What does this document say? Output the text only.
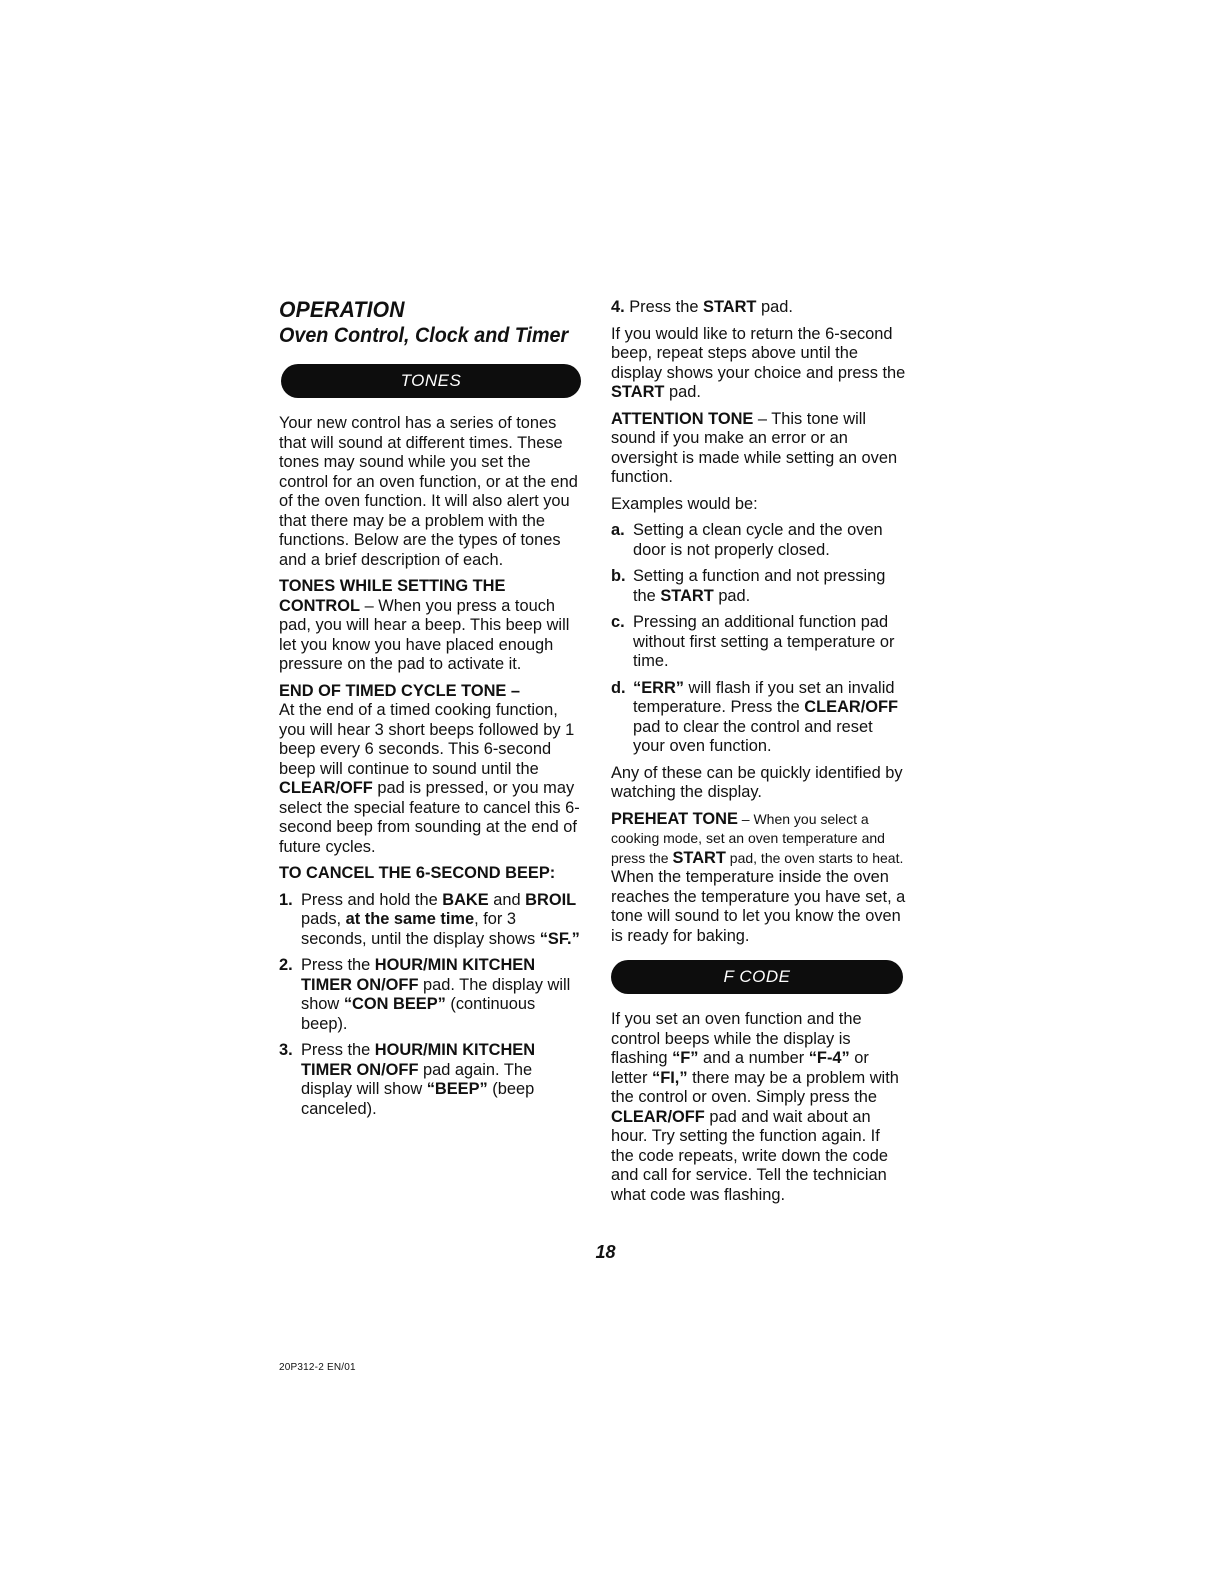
OPERATION
Oven Control, Clock and Timer
TONES

Your new control has a series of tones that will sound at different times. These tones may sound while you set the control for an oven function, or at the end of the oven function. It will also alert you that there may be a problem with the functions. Below are the types of tones and a brief description of each.

TONES WHILE SETTING THE CONTROL – When you press a touch pad, you will hear a beep. This beep will let you know you have placed enough pressure on the pad to activate it.

END OF TIMED CYCLE TONE –
At the end of a timed cooking function, you will hear 3 short beeps followed by 1 beep every 6 seconds. This 6-second beep will continue to sound until the CLEAR/OFF pad is pressed, or you may select the special feature to cancel this 6-second beep from sounding at the end of future cycles.

TO CANCEL THE 6-SECOND BEEP:

1. Press and hold the BAKE and BROIL pads, at the same time, for 3 seconds, until the display shows “SF.”
2. Press the HOUR/MIN KITCHEN TIMER ON/OFF pad. The display will show “CON BEEP” (continuous beep).
3. Press the HOUR/MIN KITCHEN TIMER ON/OFF pad again. The display will show “BEEP” (beep canceled).
4. Press the START pad.

If you would like to return the 6-second beep, repeat steps above until the display shows your choice and press the START pad.

ATTENTION TONE – This tone will sound if you make an error or an oversight is made while setting an oven function.

Examples would be:

a. Setting a clean cycle and the oven door is not properly closed.
b. Setting a function and not pressing the START pad.
c. Pressing an additional function pad without first setting a temperature or time.
d. “ERR” will flash if you set an invalid temperature. Press the CLEAR/OFF pad to clear the control and reset your oven function.

Any of these can be quickly identified by watching the display.

PREHEAT TONE – When you select a cooking mode, set an oven temperature and press the START pad, the oven starts to heat. When the temperature inside the oven reaches the temperature you have set, a tone will sound to let you know the oven is ready for baking.

F CODE

If you set an oven function and the control beeps while the display is flashing “F” and a number “F-4” or letter “FI,” there may be a problem with the control or oven. Simply press the CLEAR/OFF pad and wait about an hour. Try setting the function again. If the code repeats, write down the code and call for service. Tell the technician what code was flashing.

18
20P312-2 EN/01
